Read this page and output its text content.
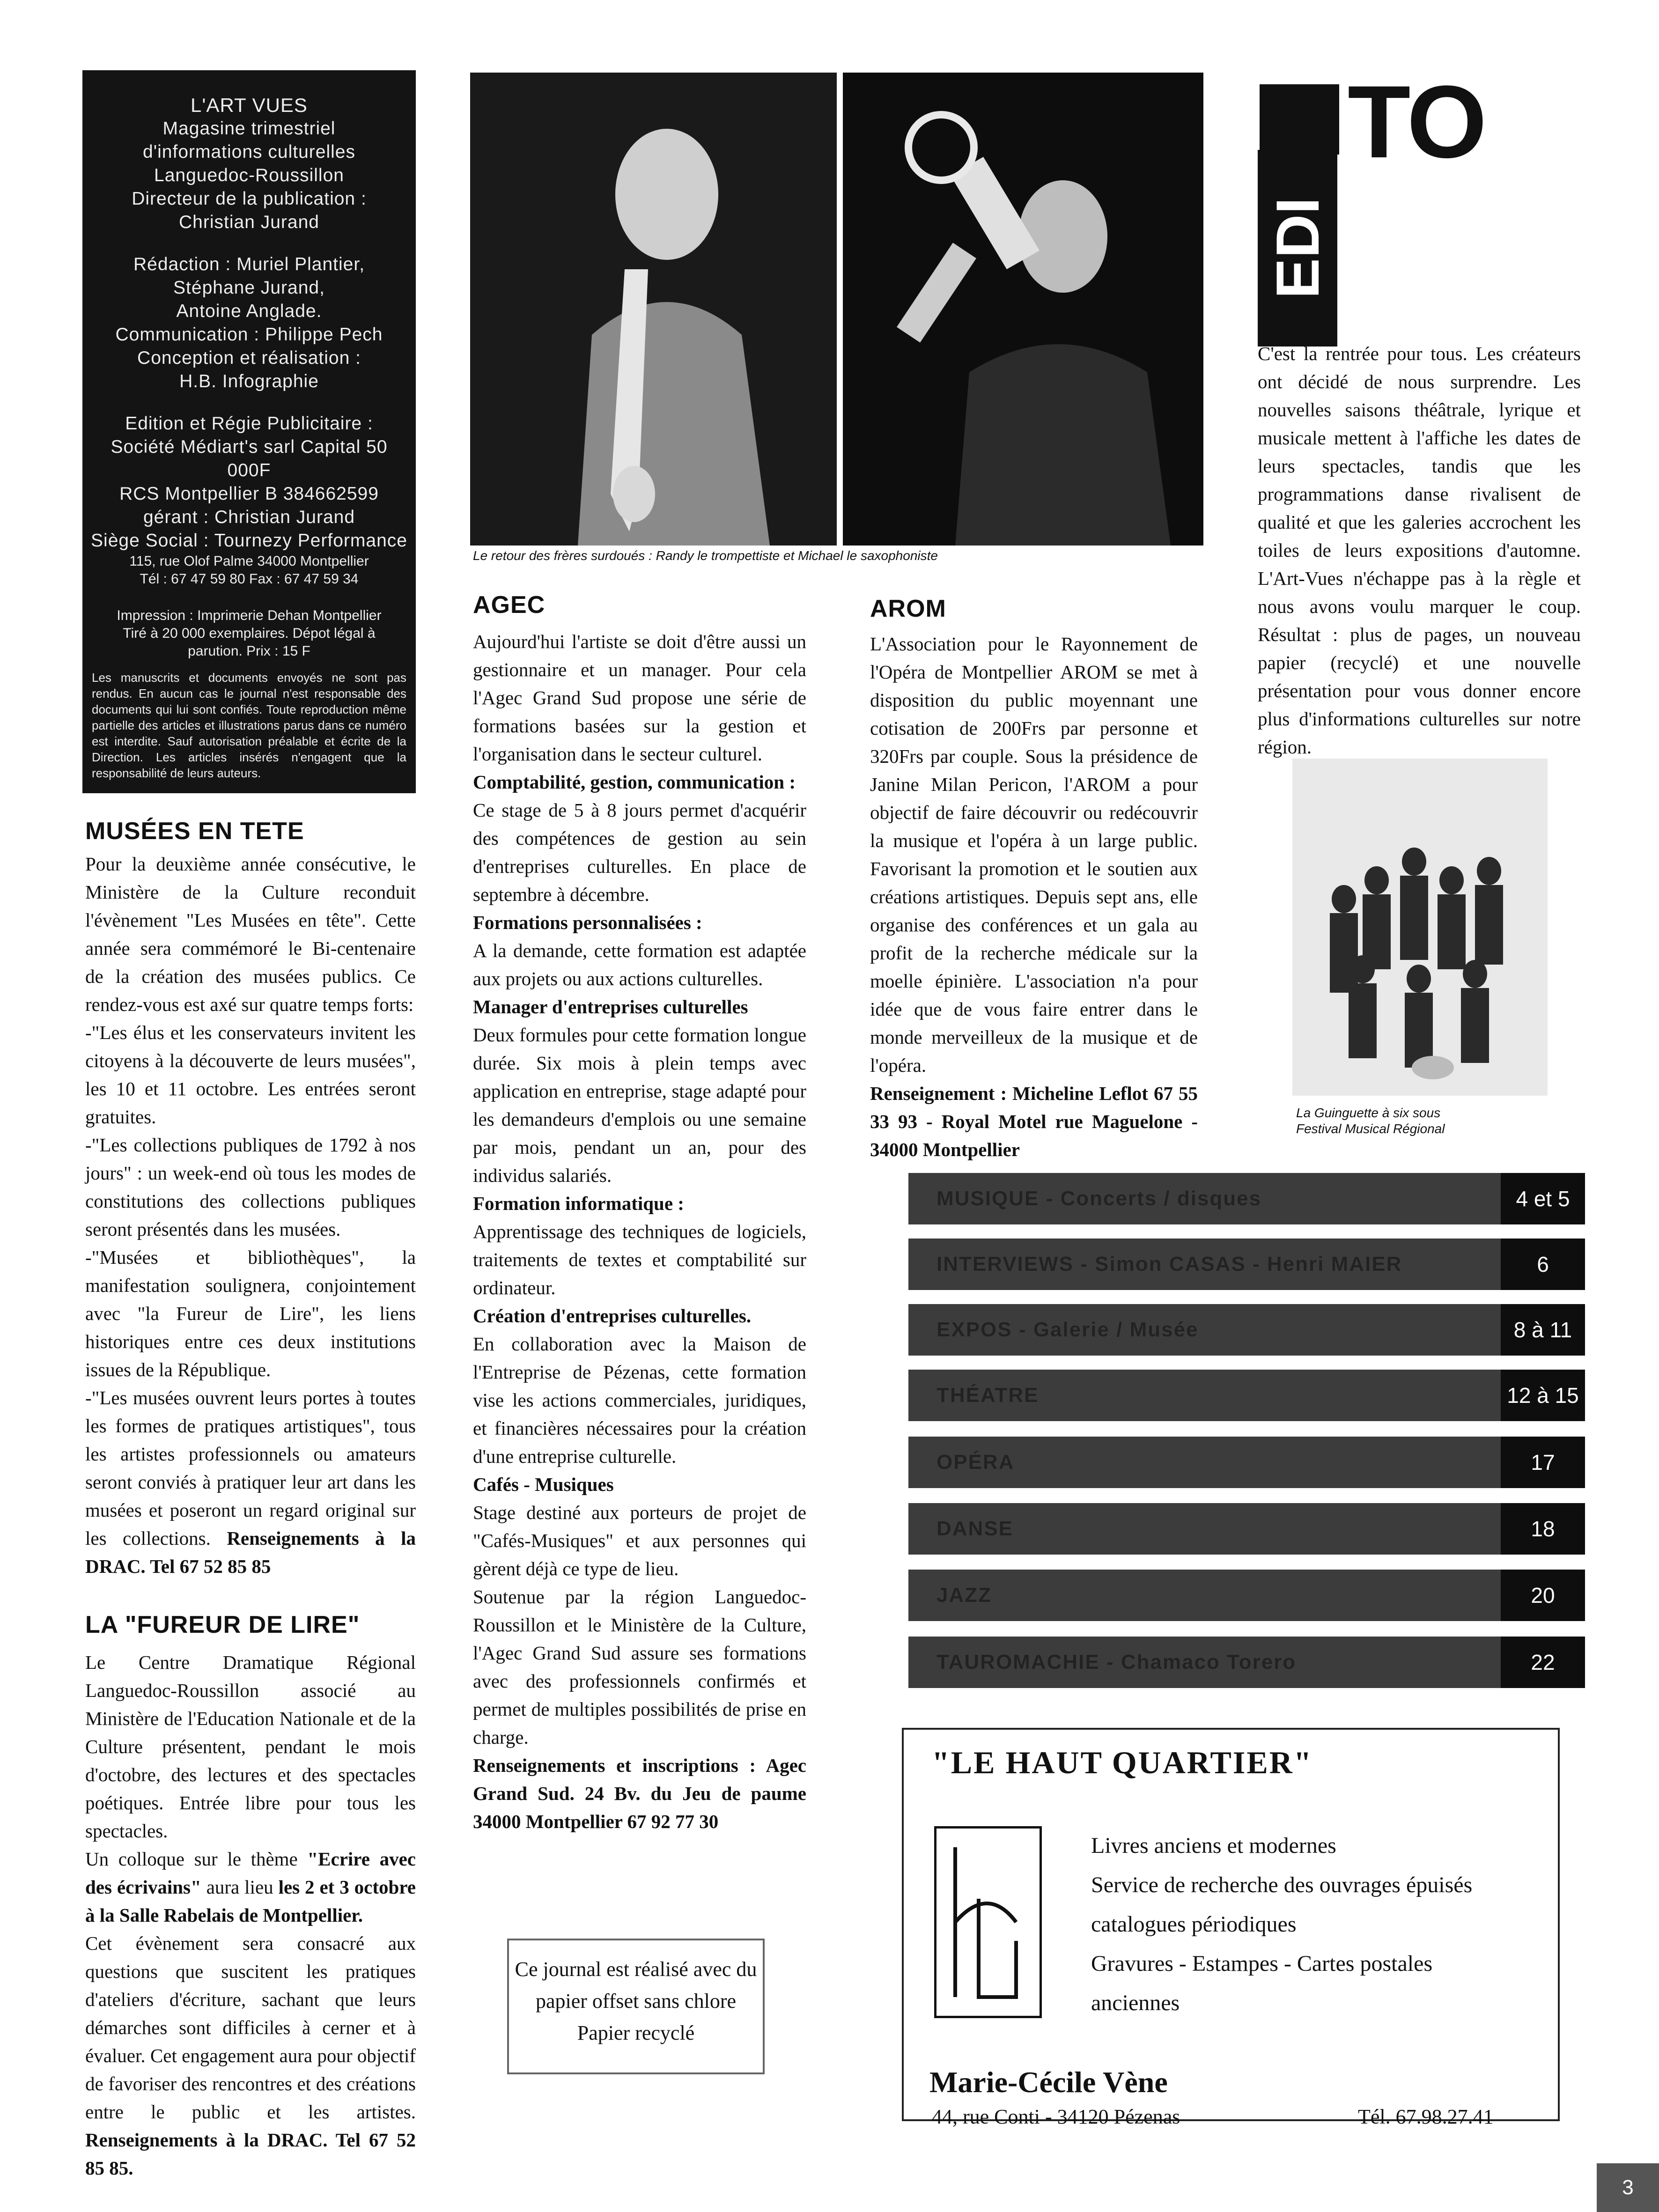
L'ART VUES
Magasine trimestriel
d'informations culturelles
Languedoc-Roussillon
Directeur de la publication :
Christian Jurand
Rédaction : Muriel Plantier,
Stéphane Jurand,
Antoine Anglade.
Communication : Philippe Pech
Conception et réalisation :
H.B. Infographie
Edition et Régie Publicitaire :
Société Médiart's sarl Capital 50 000F
RCS Montpellier B 384662599
gérant : Christian Jurand
Siège Social : Tournezy Performance
115, rue Olof Palme 34000 Montpellier
Tél : 67 47 59 80 Fax : 67 47 59 34
Impression : Imprimerie Dehan Montpellier
Tiré à 20 000 exemplaires. Dépot légal à
parution. Prix : 15 F
Les manuscrits et documents envoyés ne sont pas rendus. En aucun cas le journal n'est responsable des documents qui lui sont confiés. Toute reproduction même partielle des articles et illustrations parus dans ce numéro est interdite. Sauf autorisation préalable et écrite de la Direction. Les articles insérés n'engagent que la responsabilité de leurs auteurs.
MUSÉES EN TETE

Pour la deuxième année consécutive, le Ministère de la Culture reconduit l'évènement "Les Musées en tête". Cette année sera commémoré le Bi-centenaire de la création des musées publics. Ce rendez-vous est axé sur quatre temps forts:

-"Les élus et les conservateurs invitent les citoyens à la découverte de leurs musées", les 10 et 11 octobre. Les entrées seront gratuites.

-"Les collections publiques de 1792 à nos jours" : un week-end où tous les modes de constitutions des collections publiques seront présentés dans les musées.

-"Musées et bibliothèques", la manifestation soulignera, conjointement avec "la Fureur de Lire", les liens historiques entre ces deux institutions issues de la République.

-"Les musées ouvrent leurs portes à toutes les formes de pratiques artistiques", tous les artistes professionnels ou amateurs seront conviés à pratiquer leur art dans les musées et poseront un regard original sur les collections. Renseignements à la DRAC. Tel 67 52 85 85

LA "FUREUR DE LIRE"

Le Centre Dramatique Régional Languedoc-Roussillon associé au Ministère de l'Education Nationale et de la Culture présentent, pendant le mois d'octobre, des lectures et des spectacles poétiques. Entrée libre pour tous les spectacles.

Un colloque sur le thème "Ecrire avec des écrivains" aura lieu les 2 et 3 octobre à la Salle Rabelais de Montpellier.

Cet évènement sera consacré aux questions que suscitent les pratiques d'ateliers d'écriture, sachant que leurs démarches sont difficiles à cerner et à évaluer. Cet engagement aura pour objectif de favoriser des rencontres et des créations entre le public et les artistes. Renseignements à la DRAC. Tel 67 52 85 85.

Le retour des frères surdoués : Randy le trompettiste et Michael le saxophoniste
AGEC

Aujourd'hui l'artiste se doit d'être aussi un gestionnaire et un manager. Pour cela l'Agec Grand Sud propose une série de formations basées sur la gestion et l'organisation dans le secteur culturel.

Comptabilité, gestion, communication :

Ce stage de 5 à 8 jours permet d'acquérir des compétences de gestion au sein d'entreprises culturelles. En place de septembre à décembre.

Formations personnalisées :

A la demande, cette formation est adaptée aux projets ou aux actions culturelles.

Manager d'entreprises culturelles

Deux formules pour cette formation longue durée. Six mois à plein temps avec application en entreprise, stage adapté pour les demandeurs d'emplois ou une semaine par mois, pendant un an, pour des individus salariés.

Formation informatique :

Apprentissage des techniques de logiciels, traitements de textes et comptabilité sur ordinateur.

Création d'entreprises culturelles.

En collaboration avec la Maison de l'Entreprise de Pézenas, cette formation vise les actions commerciales, juridiques, et financières nécessaires pour la création d'une entreprise culturelle.

Cafés - Musiques

Stage destiné aux porteurs de projet de "Cafés-Musiques" et aux personnes qui gèrent déjà ce type de lieu.

Soutenue par la région Languedoc-Roussillon et le Ministère de la Culture, l'Agec Grand Sud assure ses formations avec des professionnels confirmés et permet de multiples possibilités de prise en charge.

Renseignements et inscriptions : Agec Grand Sud. 24 Bv. du Jeu de paume 34000 Montpellier 67 92 77 30

Ce journal est réalisé avec du
papier offset sans chlore
Papier recyclé
AROM

L'Association pour le Rayonnement de l'Opéra de Montpellier AROM se met à disposition du public moyennant une cotisation de 200Frs par personne et 320Frs par couple. Sous la présidence de Janine Milan Pericon, l'AROM a pour objectif de faire découvrir ou redécouvrir la musique et l'opéra à un large public. Favorisant la promotion et le soutien aux créations artistiques. Depuis sept ans, elle organise des conférences et un gala au profit de la recherche médicale sur la moelle épinière. L'association n'a pour idée que de vous faire entrer dans le monde merveilleux de la musique et de l'opéra.

Renseignement : Micheline Leflot 67 55 33 93 - Royal Motel rue Maguelone - 34000 Montpellier

TO
EDI
C'est la rentrée pour tous. Les créateurs ont décidé de nous surprendre. Les nouvelles saisons théâtrale, lyrique et musicale mettent à l'affiche les dates de leurs spectacles, tandis que les programmations danse rivalisent de qualité et que les galeries accrochent les toiles de leurs expositions d'automne. L'Art-Vues n'échappe pas à la règle et nous avons voulu marquer le coup. Résultat : plus de pages, un nouveau papier (recyclé) et une nouvelle présentation pour vous donner encore plus d'informations culturelles sur notre région.
La Guinguette à six sous
Festival Musical Régional
MUSIQUE - Concerts / disques	4 et 5
INTERVIEWS - Simon CASAS - Henri MAIER	6
EXPOS - Galerie / Musée	8 à 11
THÉATRE	12 à 15
OPÉRA	17
DANSE	18
JAZZ	20
TAUROMACHIE - Chamaco Torero	22
"LE HAUT QUARTIER"
Livres anciens et modernes
Service de recherche des ouvrages épuisés
catalogues périodiques
Gravures - Estampes - Cartes postales
anciennes
Marie-Cécile Vène
44, rue Conti - 34120 Pézenas	Tél. 67.98.27.41
3
